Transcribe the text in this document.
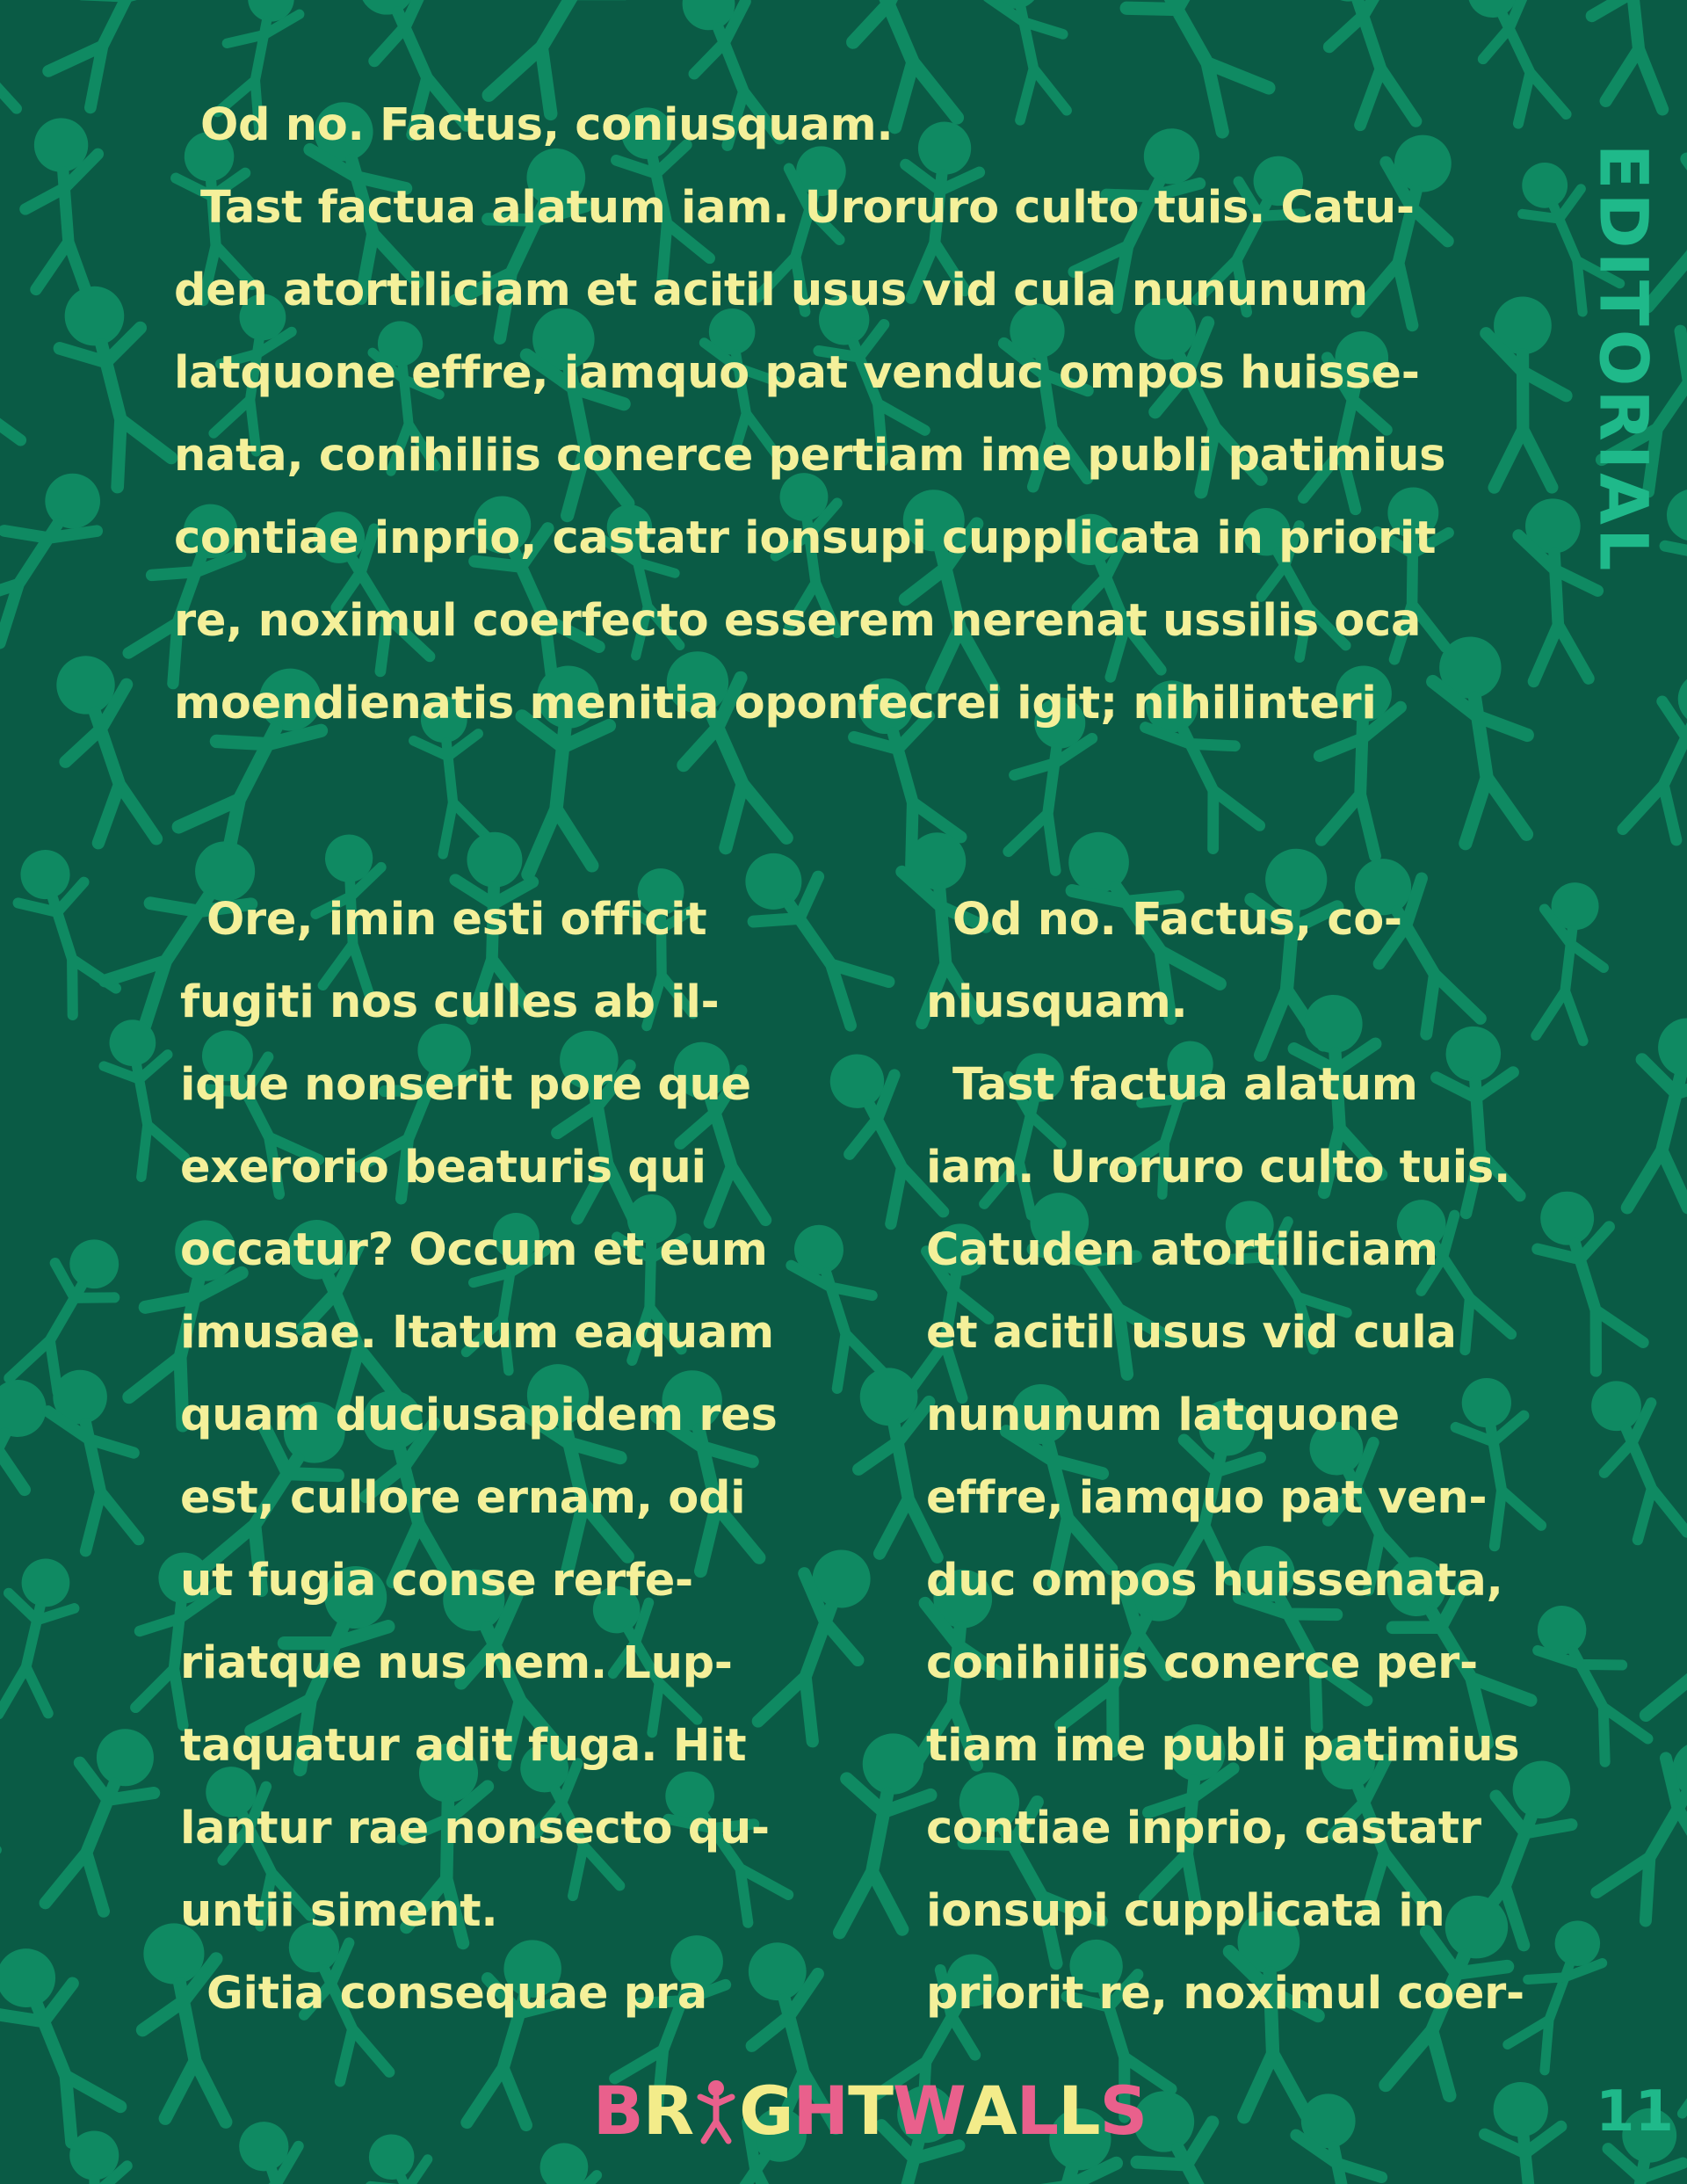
Od no. Factus, coniusquam.
Tast factua alatum iam. Uroruro culto tuis. Catu-
den atortiliciam et acitil usus vid cula nununum
latquone effre, iamquo pat venduc ompos huisse-
nata, conihiliis conerce pertiam ime publi patimius
contiae inprio, castatr ionsupi cupplicata in priorit
re, noximul coerfecto esserem nerenat ussilis oca
moendienatis menitia oponfecrei igit; nihilinteri
Ore, imin esti officit
fugiti nos culles ab il-
ique nonserit pore que
exerorio beaturis qui
occatur? Occum et eum
imusae. Itatum eaquam
quam duciusapidem res
est, cullore ernam, odi
ut fugia conse rerfe-
riatque nus nem. Lup-
taquatur adit fuga. Hit
lantur rae nonsecto qu-
untii siment.
Gitia consequae pra
Od no. Factus, co-
niusquam.
Tast factua alatum
iam. Uroruro culto tuis.
Catuden atortiliciam
et acitil usus vid cula
nununum latquone
effre, iamquo pat ven-
duc ompos huissenata,
conihiliis conerce per-
tiam ime publi patimius
contiae inprio, castatr
ionsupi cupplicata in
priorit re, noximul coer-
EDITORIAL
B R G H T W A L L S	11
